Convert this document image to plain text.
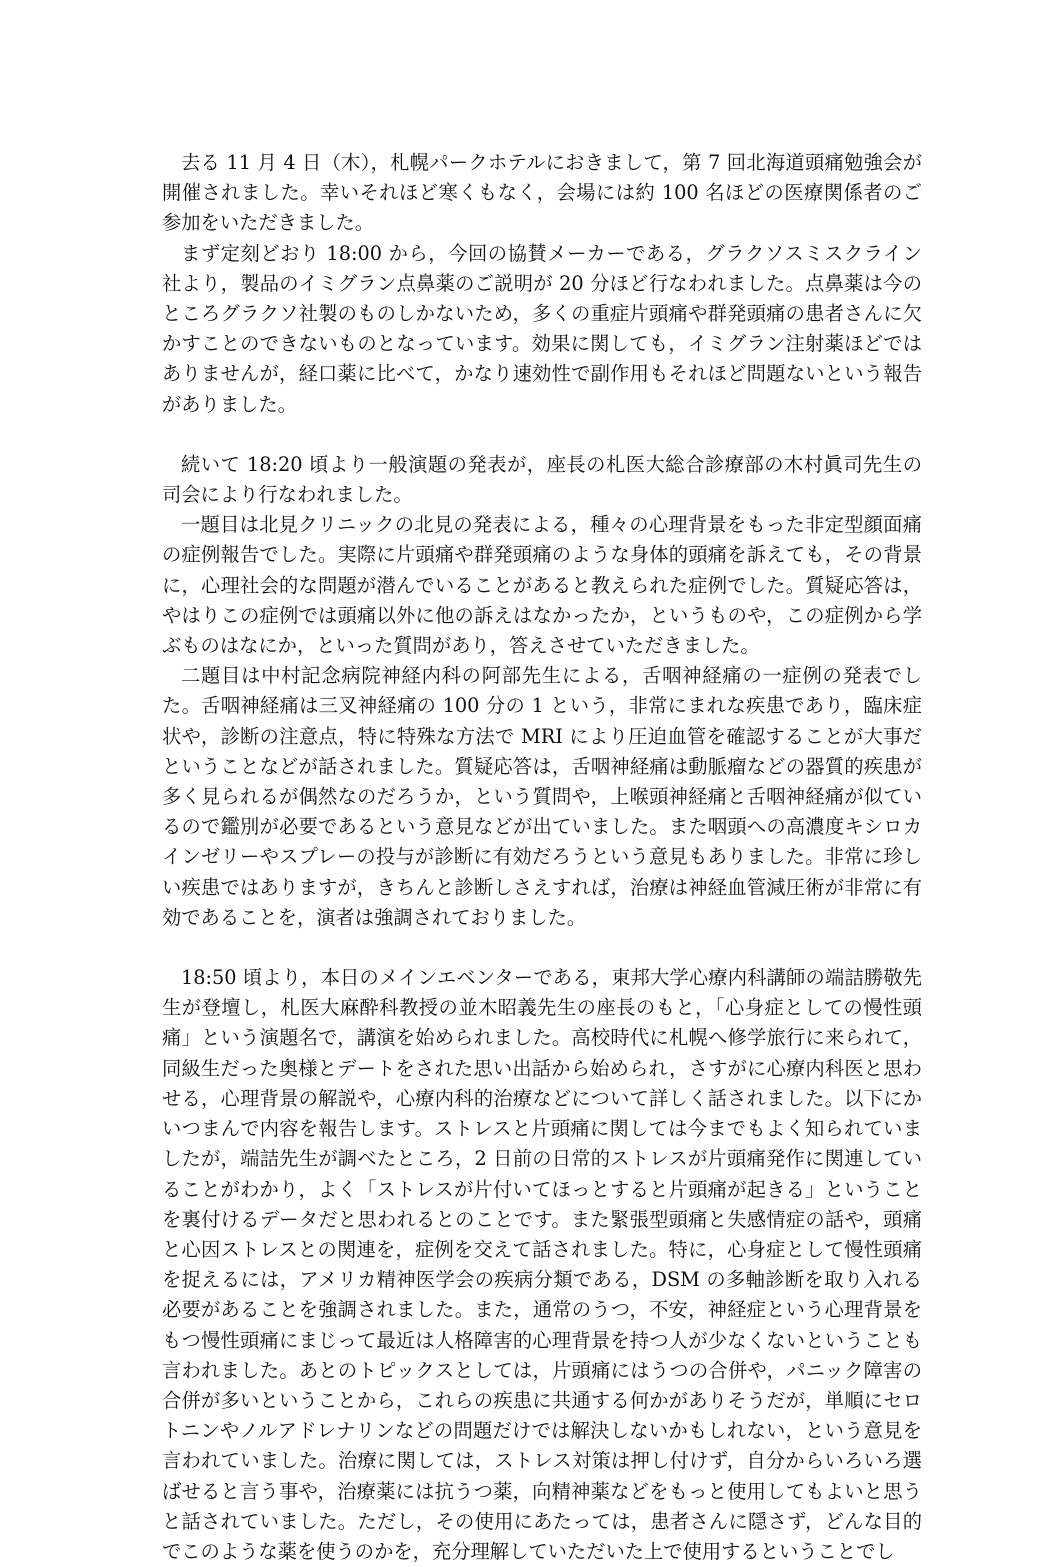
去る 11 月 4 日（木），札幌パークホテルにおきまして，第 7 回北海道頭痛勉強会が開催されました。幸いそれほど寒くもなく，会場には約 100 名ほどの医療関係者のご参加をいただきました。

まず定刻どおり 18:00 から，今回の協賛メーカーである，グラクソスミスクライン社より，製品のイミグラン点鼻薬のご説明が 20 分ほど行なわれました。点鼻薬は今のところグラクソ社製のものしかないため，多くの重症片頭痛や群発頭痛の患者さんに欠かすことのできないものとなっています。効果に関しても，イミグラン注射薬ほどではありませんが，経口薬に比べて，かなり速効性で副作用もそれほど問題ないという報告がありました。

続いて 18:20 頃より一般演題の発表が，座長の札医大総合診療部の木村眞司先生の司会により行なわれました。

一題目は北見クリニックの北見の発表による，種々の心理背景をもった非定型顔面痛の症例報告でした。実際に片頭痛や群発頭痛のような身体的頭痛を訴えても，その背景に，心理社会的な問題が潜んでいることがあると教えられた症例でした。質疑応答は，やはりこの症例では頭痛以外に他の訴えはなかったか，というものや，この症例から学ぶものはなにか，といった質問があり，答えさせていただきました。

二題目は中村記念病院神経内科の阿部先生による，舌咽神経痛の一症例の発表でした。舌咽神経痛は三叉神経痛の 100 分の 1 という，非常にまれな疾患であり，臨床症状や，診断の注意点，特に特殊な方法で MRI により圧迫血管を確認することが大事だということなどが話されました。質疑応答は，舌咽神経痛は動脈瘤などの器質的疾患が多く見られるが偶然なのだろうか，という質問や，上喉頭神経痛と舌咽神経痛が似ているので鑑別が必要であるという意見などが出ていました。また咽頭への高濃度キシロカインゼリーやスプレーの投与が診断に有効だろうという意見もありました。非常に珍しい疾患ではありますが，きちんと診断しさえすれば，治療は神経血管減圧術が非常に有効であることを，演者は強調されておりました。

18:50 頃より，本日のメインエベンターである，東邦大学心療内科講師の端詰勝敬先生が登壇し，札医大麻酔科教授の並木昭義先生の座長のもと，「心身症としての慢性頭痛」という演題名で，講演を始められました。高校時代に札幌へ修学旅行に来られて，同級生だった奥様とデートをされた思い出話から始められ，さすがに心療内科医と思わせる，心理背景の解説や，心療内科的治療などについて詳しく話されました。以下にかいつまんで内容を報告します。ストレスと片頭痛に関しては今までもよく知られていましたが，端詰先生が調べたところ，2 日前の日常的ストレスが片頭痛発作に関連していることがわかり，よく「ストレスが片付いてほっとすると片頭痛が起きる」ということを裏付けるデータだと思われるとのことです。また緊張型頭痛と失感情症の話や，頭痛と心因ストレスとの関連を，症例を交えて話されました。特に，心身症として慢性頭痛を捉えるには，アメリカ精神医学会の疾病分類である，DSM の多軸診断を取り入れる必要があることを強調されました。また，通常のうつ，不安，神経症という心理背景をもつ慢性頭痛にまじって最近は人格障害的心理背景を持つ人が少なくないということも言われました。あとのトピックスとしては，片頭痛にはうつの合併や，パニック障害の合併が多いということから，これらの疾患に共通する何かがありそうだが，単順にセロトニンやノルアドレナリンなどの問題だけでは解決しないかもしれない，という意見を言われていました。治療に関しては，ストレス対策は押し付けず，自分からいろいろ選ばせると言う事や，治療薬には抗うつ薬，向精神薬などをもっと使用してもよいと思うと話されていました。ただし，その使用にあたっては，患者さんに隠さず，どんな目的でこのような薬を使うのかを，充分理解していただいた上で使用するということでし
